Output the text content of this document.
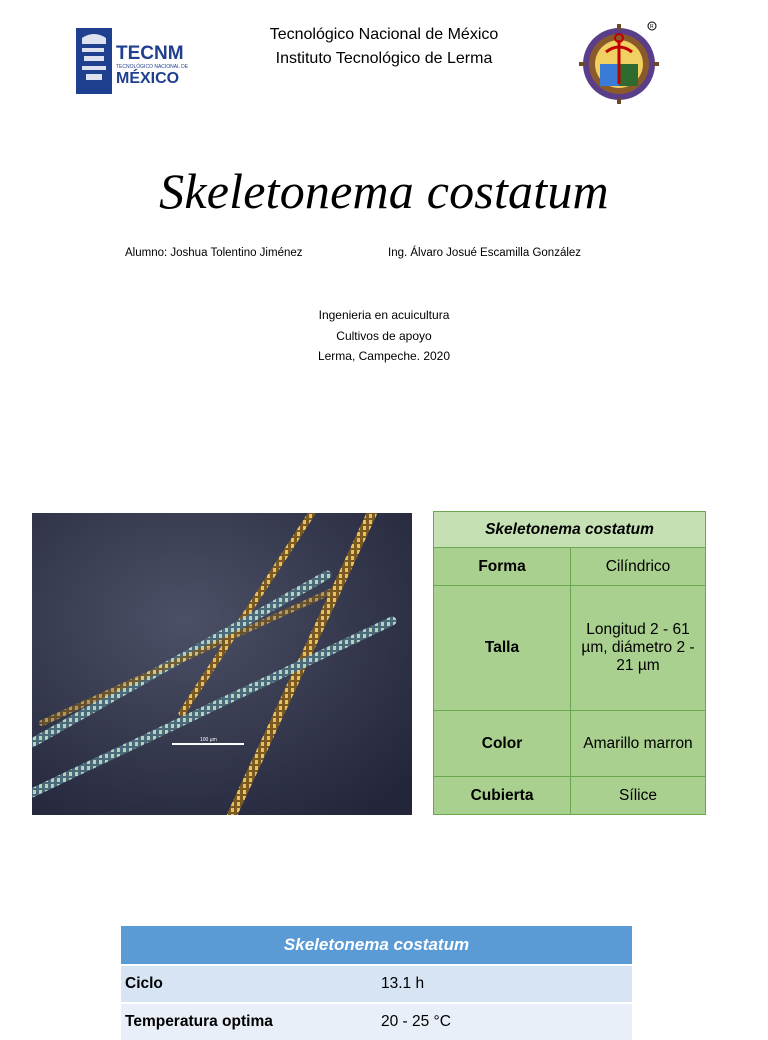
TECNM
TECNOLÓGICO NACIONAL DE
MÉXICO
Tecnológico Nacional de México
Instituto Tecnológico de Lerma
R
Skeletonema costatum
Alumno: Joshua Tolentino Jiménez	Ing. Álvaro Josué Escamilla González
Ingenieria en acuicultura
Cultivos de apoyo
Lerma, Campeche. 2020
100 µm
Skeletonema costatum	
Forma	Cilíndrico
Talla	Longitud 2 - 61 µm, diámetro 2 - 21 µm
Color	Amarillo marron
Cubierta	Sílice
Skeletonema costatum	
Ciclo	13.1 h
Temperatura optima	20 - 25 °C
